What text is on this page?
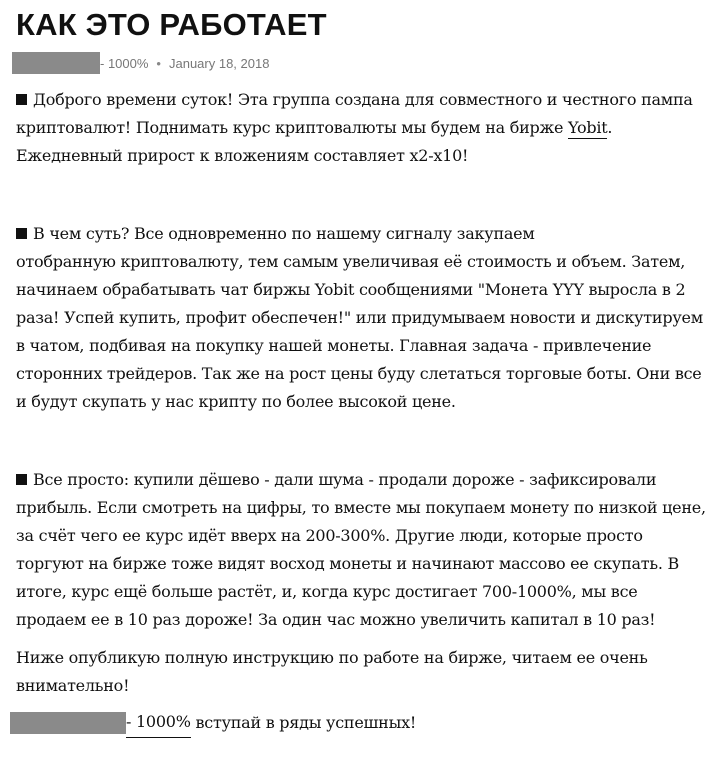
КАК ЭТО РАБОТАЕТ
- 1000% • January 18, 2018

Доброго времени суток! Эта группа создана для совместного и честного пампа криптовалют! Поднимать курс криптовалюты мы будем на бирже Yobit. Ежедневный прирост к вложениям составляет x2-x10!

В чем суть? Все одновременно по нашему сигналу закупаем
отобранную криптовалюту, тем самым увеличивая её стоимость и объем. Затем, начинаем обрабатывать чат биржы Yobit сообщениями "Монета YYY выросла в 2 раза! Успей купить, профит обеспечен!" или придумываем новости и дискутируем в чатом, подбивая на покупку нашей монеты. Главная задача - привлечение сторонних трейдеров. Так же на рост цены буду слетаться торговые боты. Они все и будут скупать у нас крипту по более высокой цене.

Все просто: купили дёшево - дали шума - продали дороже - зафиксировали прибыль. Если смотреть на цифры, то вместе мы покупаем монету по низкой цене, за счёт чего ее курс идёт вверх на 200-300%. Другие люди, которые просто торгуют на бирже тоже видят восход монеты и начинают массово ее скупать. В итоге, курс ещё больше растёт, и, когда курс достигает 700-1000%, мы все продаем ее в 10 раз дороже! За один час можно увеличить капитал в 10 раз!

Ниже опубликую полную инструкцию по работе на бирже, читаем ее очень внимательно!

- 1000% вступай в ряды успешных!
